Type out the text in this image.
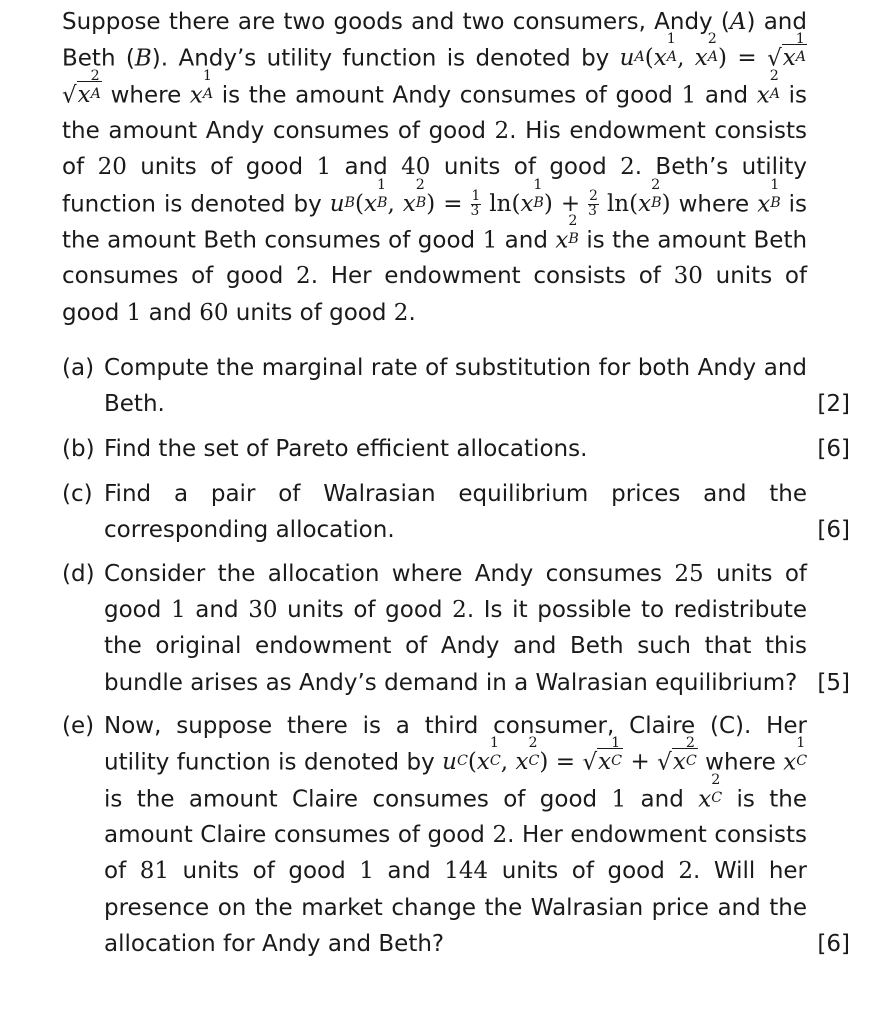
Suppose there are two goods and two consumers, Andy (A) and Beth (B). Andy’s utility function is denoted by u A (x
1
A , x
2
A ) = √x
1
A
√x
2
A where x
1
A is the amount Andy consumes of good 1 and x
2
A is the amount Andy consumes of good 2. His endowment consists of 20 units of good 1 and 40 units of good 2. Beth’s utility function is denoted by u B (x
1
B , x
2
B ) = $\frac{1}{3} \ln(x$
1
B ) + $\frac{2}{3} \ln(x$
2
B ) where x
1
B is the amount Beth consumes of good 1 and x
2
B is the amount Beth consumes of good 2. Her endowment consists of 30 units of good 1 and 60 units of good 2.
(a) Compute the marginal rate of substitution for both Andy and Beth.	[2]
(b) Find the set of Pareto efficient allocations.	[6]
(c) Find a pair of Walrasian equilibrium prices and the corresponding allocation.	[6]
(d) Consider the allocation where Andy consumes 25 units of good 1 and 30 units of good 2. Is it possible to redistribute the original endowment of Andy and Beth such that this bundle arises as Andy’s demand in a Walrasian equilibrium? [5]
(e) Now, suppose there is a third consumer, Claire (C). Her utility function is denoted by u C (x
1
C , x
2
C ) = √x
1
C + √x
2
C where x
1
C
is the amount Claire consumes of good 1 and x
2
C is the amount Claire consumes of good 2. Her endowment consists of 81 units of good 1 and 144 units of good 2. Will her presence on the market change the Walrasian price and the allocation for Andy and Beth?	[6]
